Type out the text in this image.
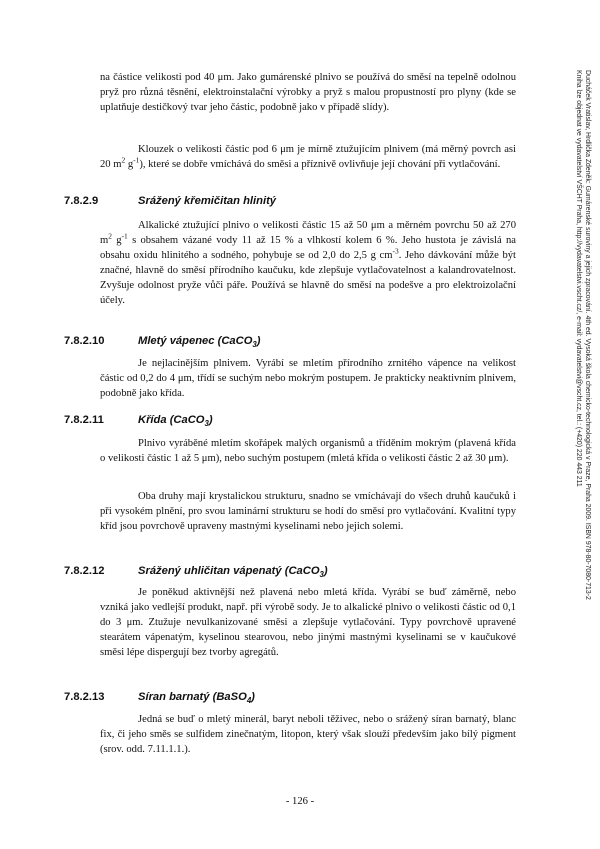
na částice velikosti pod 40 μm. Jako gumárenské plnivo se používá do směsí na tepelně odolnou pryž pro různá těsnění, elektroinstalační výrobky a pryž s malou propustností pro plyny (kde se uplatňuje destičkový tvar jeho částic, podobně jako v případě slídy).

Klouzek o velikosti částic pod 6 μm je mírně ztužujícím plnivem (má měrný povrch asi 20 $m^2$ $g^{-1}$), které se dobře vmíchává do směsi a příznivě ovlivňuje její chování při vytlačování.

7.8.2.9	Srážený křemičitan hlinitý

Alkalické ztužující plnivo o velikosti částic 15 až 50 μm a měrném povrchu 50 až 270 $m^2$ $g^{-1}$ s obsahem vázané vody 11 až 15 % a vlhkostí kolem 6 %. Jeho hustota je závislá na obsahu oxidu hlinitého a sodného, pohybuje se od 2,0 do 2,5 g $cm^{-3}$. Jeho dávkování může být značné, hlavně do směsí přírodního kaučuku, kde zlepšuje vytlačovatelnost a kalandrovatelnost. Zvyšuje odolnost pryže vůči páře. Používá se hlavně do směsí na podešve a pro elektroizolační účely.

7.8.2.10	Mletý vápenec (CaCO$_3$)

Je nejlacinějším plnivem. Vyrábí se mletím přírodního zrnitého vápence na velikost částic od 0,2 do 4 μm, třídí se suchým nebo mokrým postupem. Je prakticky neaktivním plnivem, podobně jako křída.

7.8.2.11	Křída (CaCO$_3$)

Plnivo vyráběné mletím skořápek malých organismů a tříděním mokrým (plavená křída o velikosti částic 1 až 5 μm), nebo suchým postupem (mletá křída o velikosti částic 2 až 30 μm).

Oba druhy mají krystalickou strukturu, snadno se vmíchávají do všech druhů kaučuků i při vysokém plnění, pro svou laminární strukturu se hodí do směsí pro vytlačování. Kvalitní typy kříd jsou povrchově upraveny mastnými kyselinami nebo jejich solemi.

7.8.2.12	Srážený uhličitan vápenatý (CaCO$_3$)

Je poněkud aktivnější než plavená nebo mletá křída. Vyrábí se buď záměrně, nebo vzniká jako vedlejší produkt, např. při výrobě sody. Je to alkalické plnivo o velikosti částic od 0,1 do 3 μm. Ztužuje nevulkanizované směsi a zlepšuje vytlačování. Typy povrchově upravené stearátem vápenatým, kyselinou stearovou, nebo jinými mastnými kyselinami se v kaučukové směsi lépe dispergují bez tvorby agregátů.

7.8.2.13	Síran barnatý (BaSO$_4$)

Jedná se buď o mletý minerál, baryt neboli těživec, nebo o srážený síran barnatý, blanc fix, či jeho směs se sulfidem zinečnatým, litopon, který však slouží především jako bílý pigment (srov. odd. 7.11.1.1.).

- 126 -
Ducháček Vratislav, Hrdlička Zdeněk: Gumárenské suroviny a jejich zpracování. 4th ed. Vysoká škola chemicko-technologická v Praze, Praha 2009. ISBN 978-80-7080-713-2
Kniha lze objednat ve vydavatelství VŠCHT Praha, http://vydavatelstvi.vscht.cz/, e-mail: vydavatelstvi@vscht.cz, tel.: (+420) 220 443 211
